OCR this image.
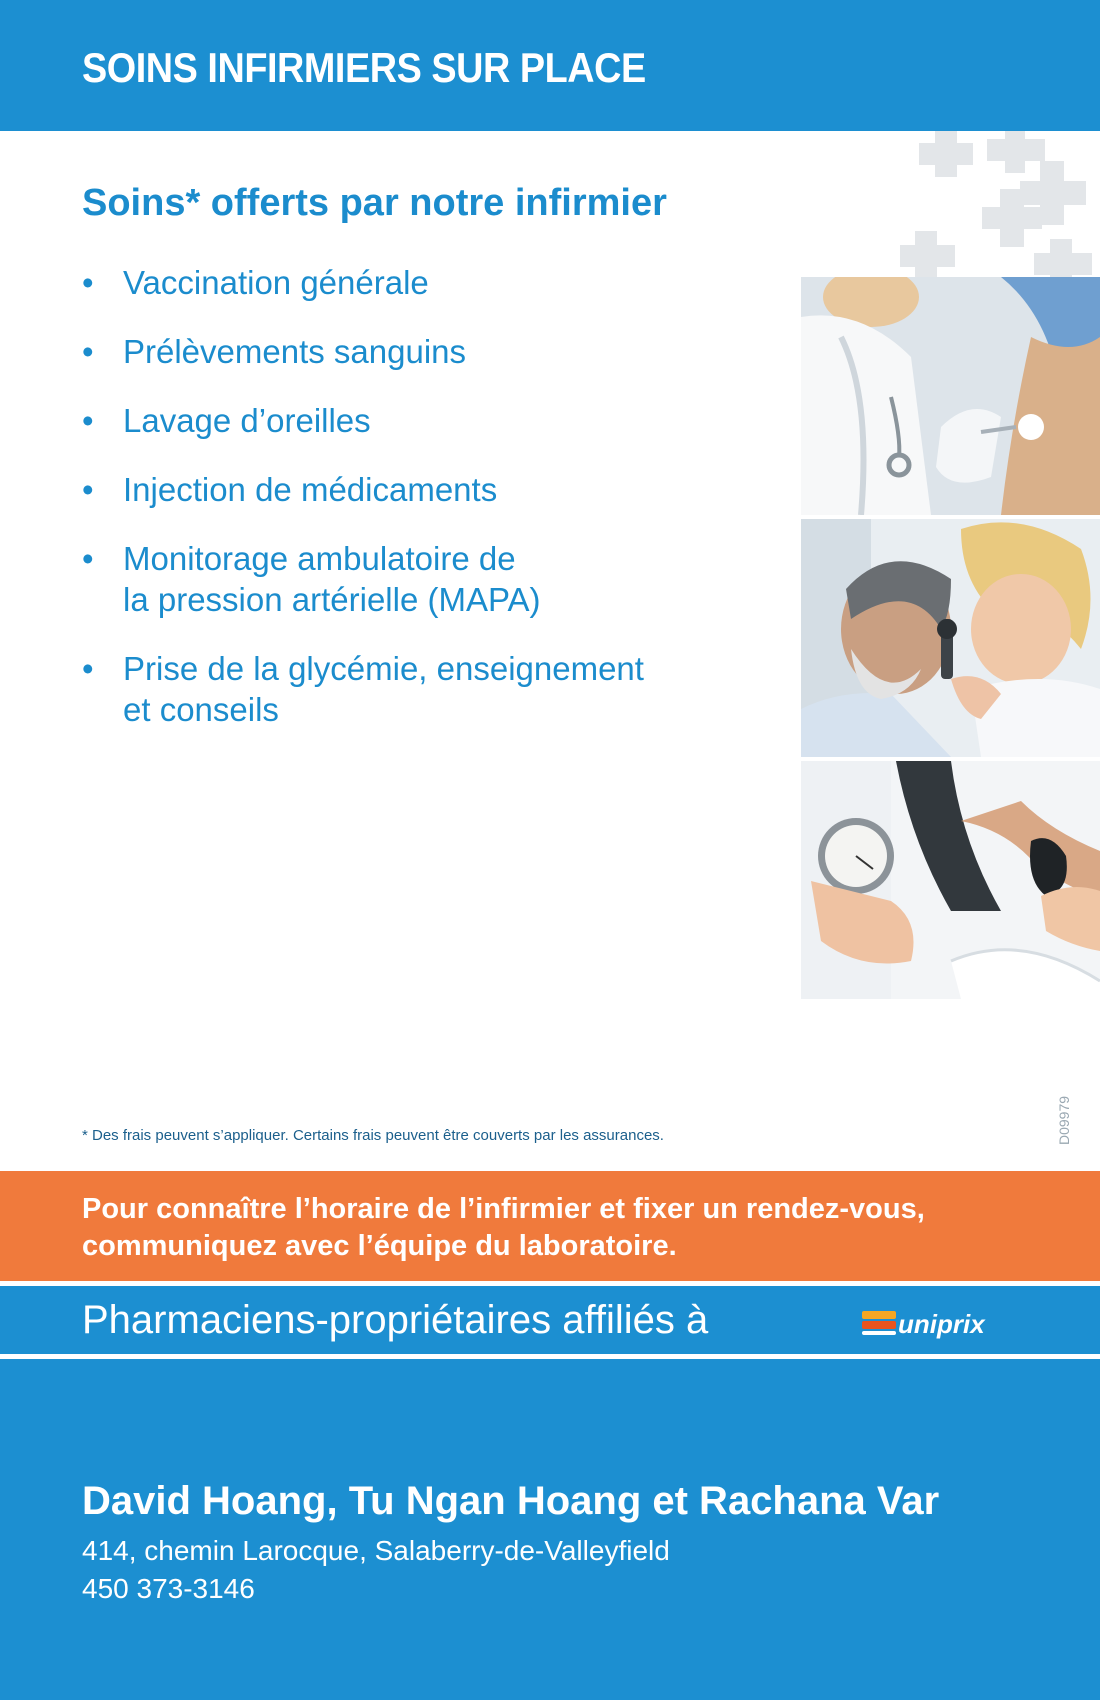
SOINS INFIRMIERS SUR PLACE
Soins* offerts par notre infirmier
• Vaccination générale
• Prélèvements sanguins
• Lavage d’oreilles
• Injection de médicaments
• Monitorage ambulatoire de
la pression artérielle (MAPA)
• Prise de la glycémie, enseignement
et conseils

* Des frais peuvent s’appliquer. Certains frais peuvent être couverts par les assurances.	D09979

Pour connaître l’horaire de l’infirmier et fixer un rendez-vous,
communiquez avec l’équipe du laboratoire.

Pharmaciens-propriétaires affiliés à	uniprix

David Hoang, Tu Ngan Hoang et Rachana Var

414, chemin Larocque, Salaberry-de-Valleyfield

450 373-3146
